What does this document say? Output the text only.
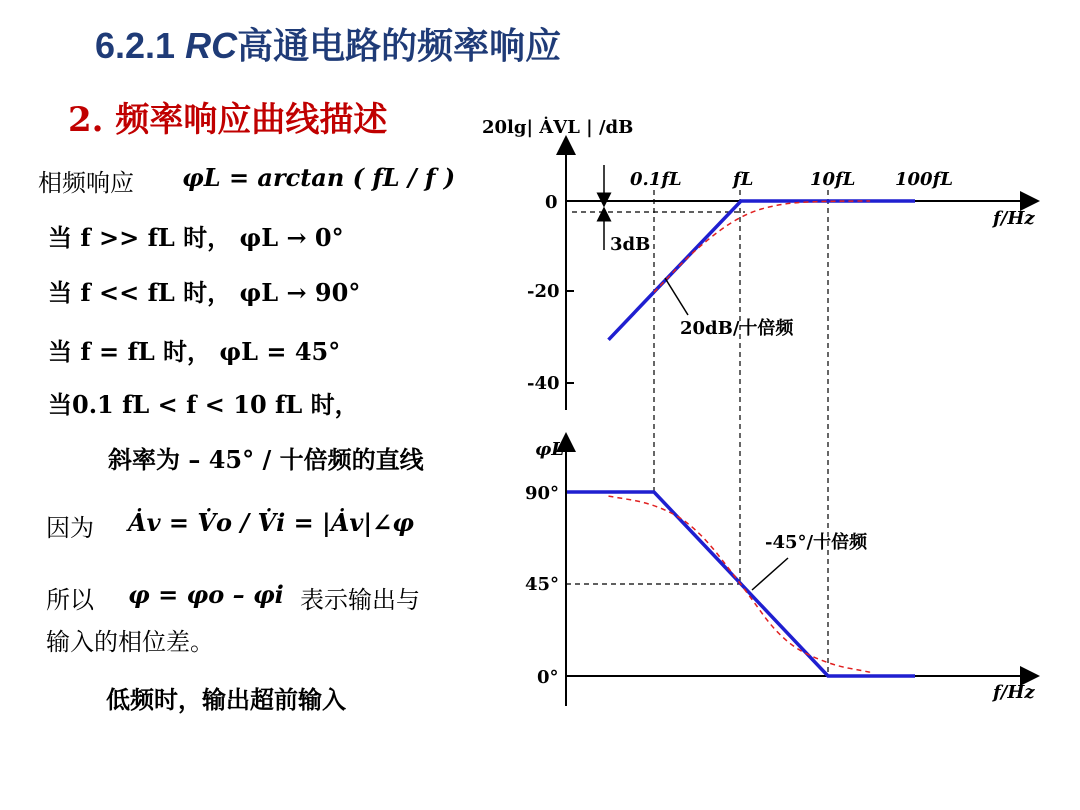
6.2.1 RC高通电路的频率响应
2. 频率响应曲线描述
相频响应 φL = arctan ( fL / f )
当 f >> fL 时， φL → 0°
当 f << fL 时， φL → 90°
当 f = fL 时， φL = 45°
当0.1 fL < f < 10 fL 时，
斜率为 – 45° / 十倍频的直线
因为 Ȧv = V̇o / V̇i = |Ȧv|∠φ
所以 φ = φo – φi 表示输出与
输入的相位差。
低频时，输出超前输入
20lg| ȦVL | /dB
f/Hz
0
-20
-40
0.1fL	fL	10fL 100fL
3dB
20dB/十倍频
φL
f/Hz
90°
45°
0°
-45°/十倍频
